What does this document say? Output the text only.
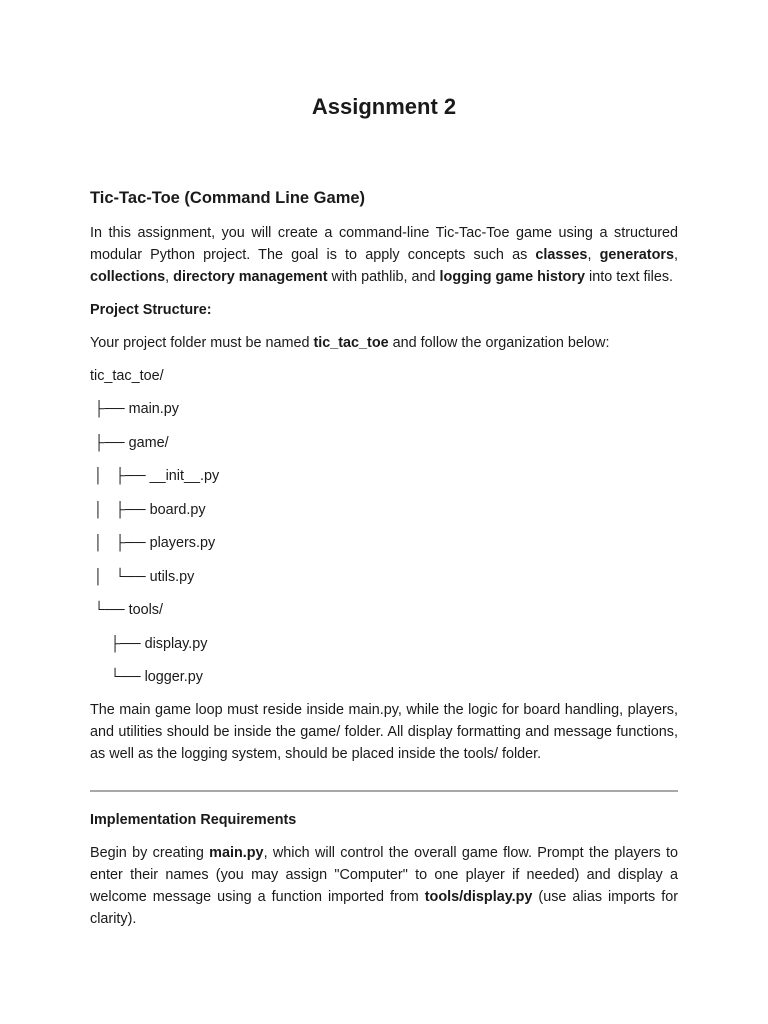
Assignment 2
Tic-Tac-Toe (Command Line Game)

In this assignment, you will create a command-line Tic-Tac-Toe game using a structured modular Python project. The goal is to apply concepts such as classes, generators, collections, directory management with pathlib, and logging game history into text files.

Project Structure:

Your project folder must be named tic_tac_toe and follow the organization below:

tic_tac_toe/
├── main.py
├── game/
│   ├── __init__.py
│   ├── board.py
│   ├── players.py
│   └── utils.py
└── tools/
├── display.py
└── logger.py

The main game loop must reside inside main.py, while the logic for board handling, players, and utilities should be inside the game/ folder. All display formatting and message functions, as well as the logging system, should be placed inside the tools/ folder.

Implementation Requirements

Begin by creating main.py, which will control the overall game flow. Prompt the players to enter their names (you may assign "Computer" to one player if needed) and display a welcome message using a function imported from tools/display.py (use alias imports for clarity).
